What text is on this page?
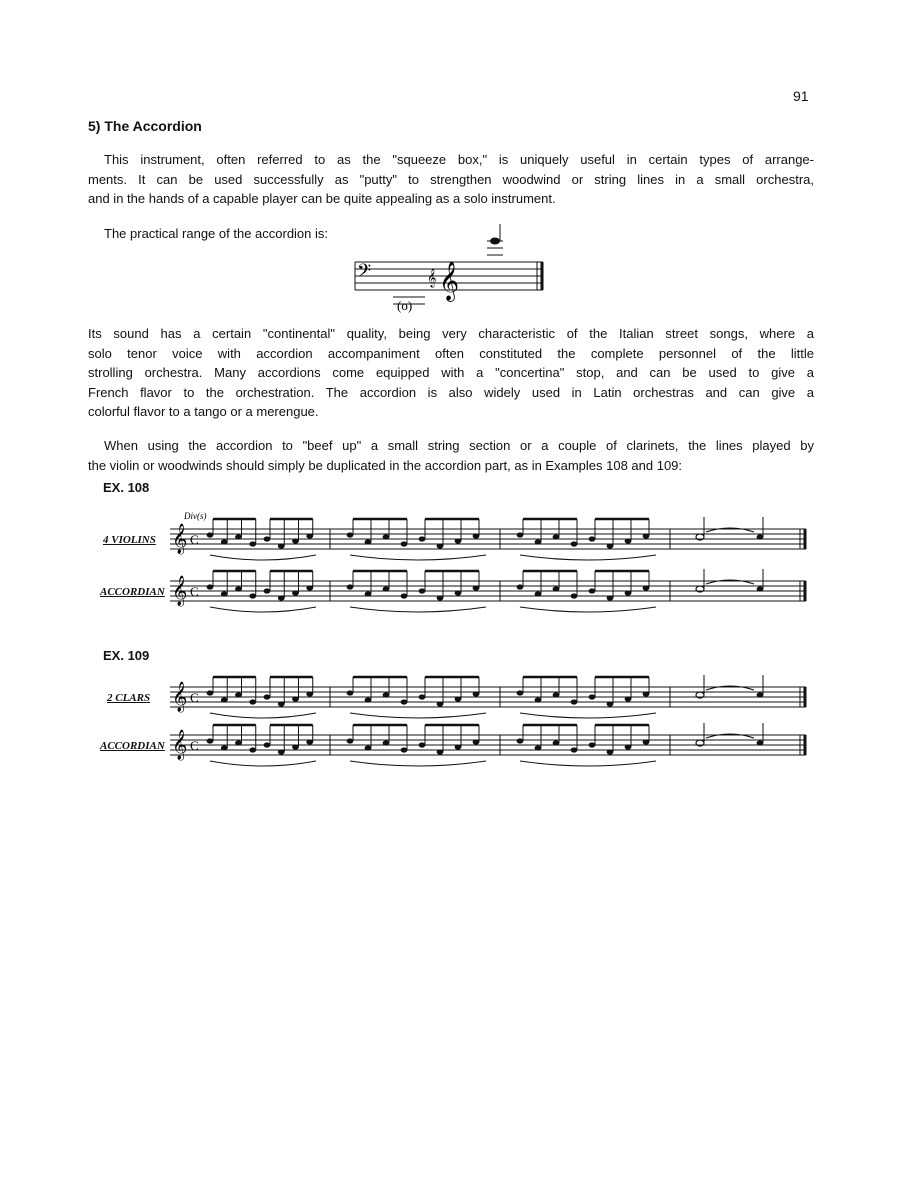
91
5) The Accordion
This instrument, often referred to as the "squeeze box," is uniquely useful in certain types of arrange-
ments. It can be used successfully as "putty" to strengthen woodwind or string lines in a small orchestra,
and in the hands of a capable player can be quite appealing as a solo instrument.
The practical range of the accordion is:
𝄢
(o)
𝄞
𝄞
Its sound has a certain "continental" quality, being very characteristic of the Italian street songs, where a
solo tenor voice with accordion accompaniment often constituted the complete personnel of the little
strolling orchestra. Many accordions come equipped with a "concertina" stop, and can be used to give a
French flavor to the orchestration. The accordion is also widely used in Latin orchestras and can give a
colorful flavor to a tango or a merengue.
When using the accordion to "beef up" a small string section or a couple of clarinets, the lines played by
the violin or woodwinds should simply be duplicated in the accordion part, as in Examples 108 and 109:
EX. 108
4 VIOLINS
ACCORDIAN
Div(s)
𝄞 C
𝄞 C
EX. 109
2 CLARS
ACCORDIAN
𝄞 C
𝄞 C
